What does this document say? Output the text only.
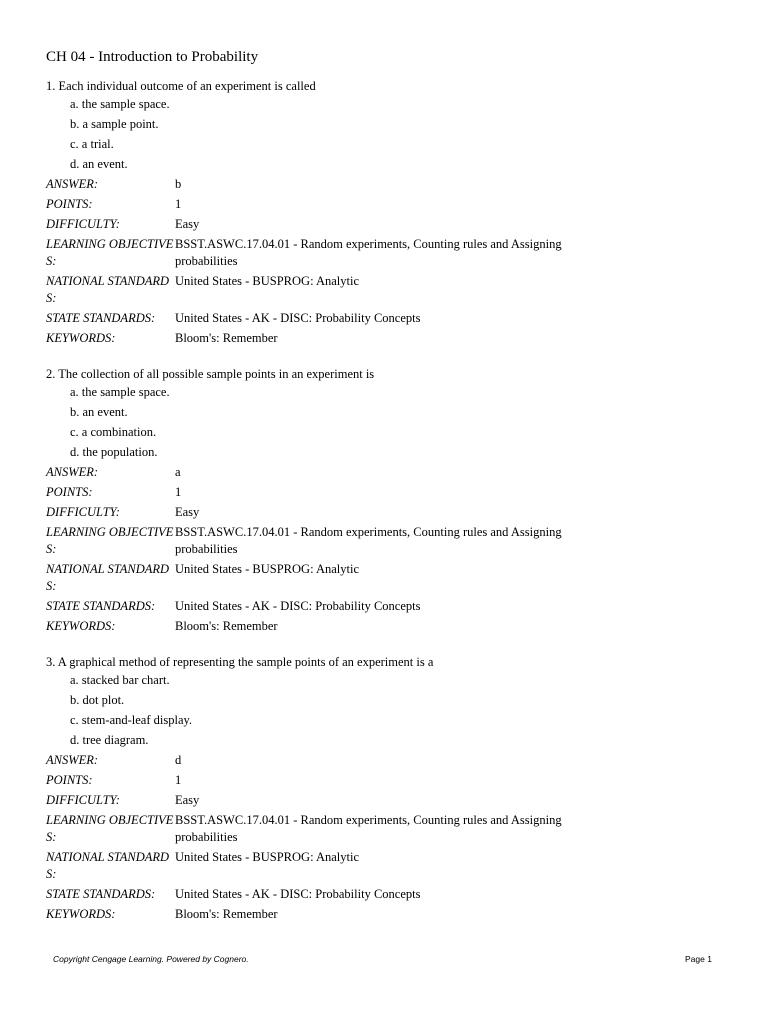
CH 04 - Introduction to Probability
1. Each individual outcome of an experiment is called
a. the sample space.
b. a sample point.
c. a trial.
d. an event.
ANSWER:	b
POINTS:	1
DIFFICULTY:	Easy
LEARNING OBJECTIVES:
BSST.ASWC.17.04.01 - Random experiments, Counting rules and Assigning probabilities
NATIONAL STANDARDS:
United States - BUSPROG: Analytic
STATE STANDARDS:	United States - AK - DISC: Probability Concepts
KEYWORDS:	Bloom's: Remember
2. The collection of all possible sample points in an experiment is
a. the sample space.
b. an event.
c. a combination.
d. the population.
ANSWER:	a
POINTS:	1
DIFFICULTY:	Easy
LEARNING OBJECTIVES:
BSST.ASWC.17.04.01 - Random experiments, Counting rules and Assigning probabilities
NATIONAL STANDARDS:
United States - BUSPROG: Analytic
STATE STANDARDS:	United States - AK - DISC: Probability Concepts
KEYWORDS:	Bloom's: Remember
3. A graphical method of representing the sample points of an experiment is a
a. stacked bar chart.
b. dot plot.
c. stem-and-leaf display.
d. tree diagram.
ANSWER:	d
POINTS:	1
DIFFICULTY:	Easy
LEARNING OBJECTIVES:
BSST.ASWC.17.04.01 - Random experiments, Counting rules and Assigning probabilities
NATIONAL STANDARDS:
United States - BUSPROG: Analytic
STATE STANDARDS:	United States - AK - DISC: Probability Concepts
KEYWORDS:	Bloom's: Remember
Copyright Cengage Learning. Powered by Cognero.	Page 1
